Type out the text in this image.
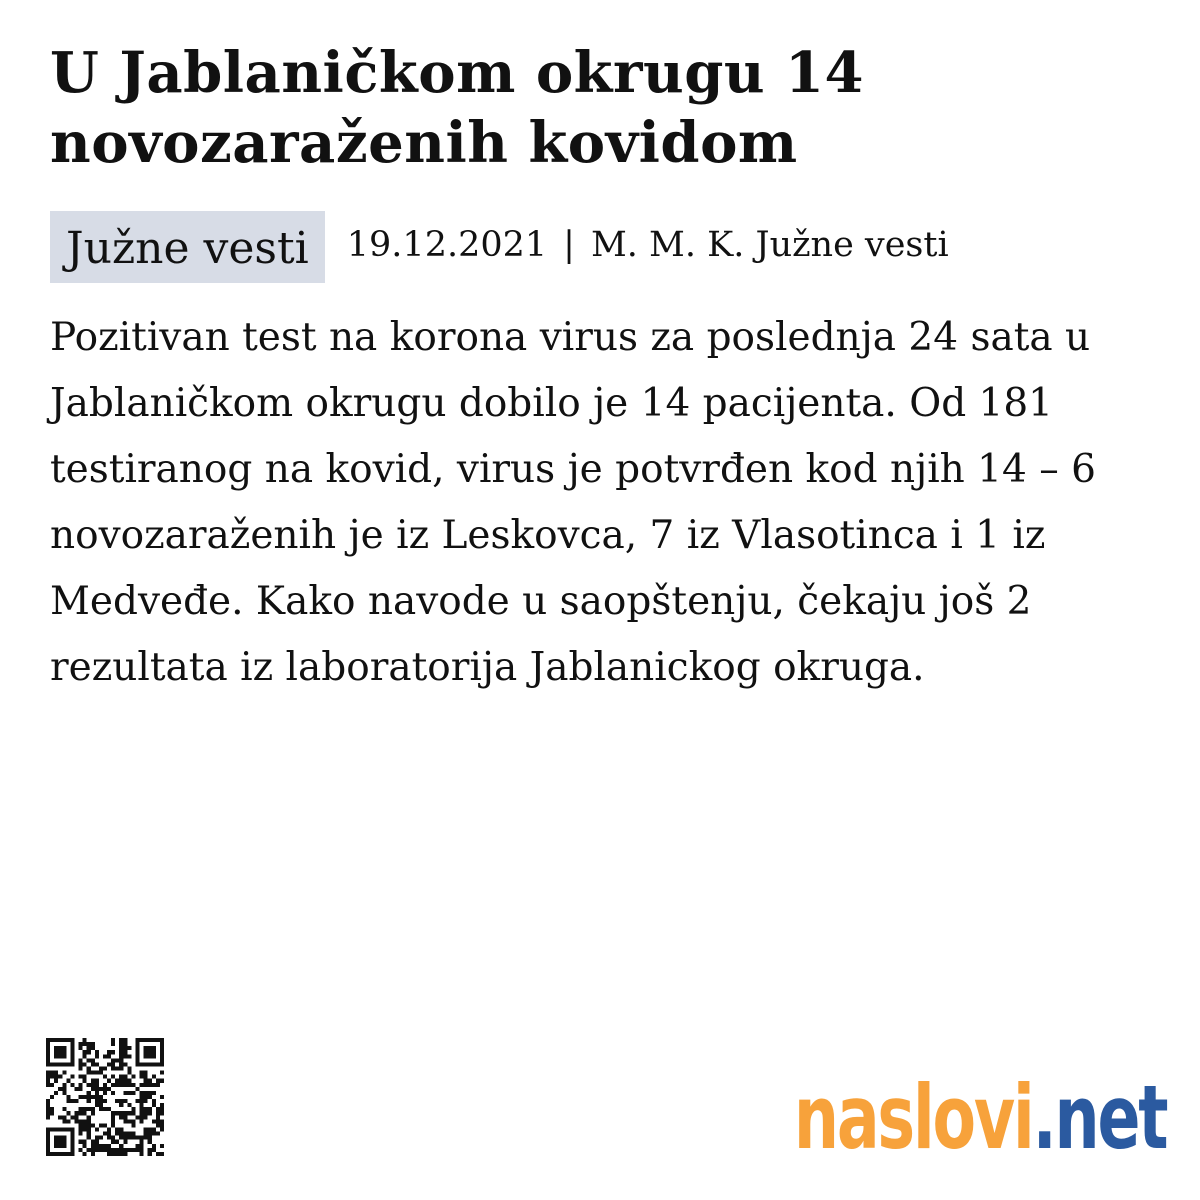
U Jablaničkom okrugu 14 novozaraženih kovidom
Južne vesti	19.12.2021 | M. M. K. Južne vesti

Pozitivan test na korona virus za poslednja 24 sata u Jablaničkom okrugu dobilo je 14 pacijenta. Od 181 testiranog na kovid, virus je potvrđen kod njih 14 – 6 novozaraženih je iz Leskovca, 7 iz Vlasotinca i 1 iz Medveđe. Kako navode u saopštenju, čekaju još 2 rezultata iz laboratorija Jablanickog okruga.

naslovi .net
